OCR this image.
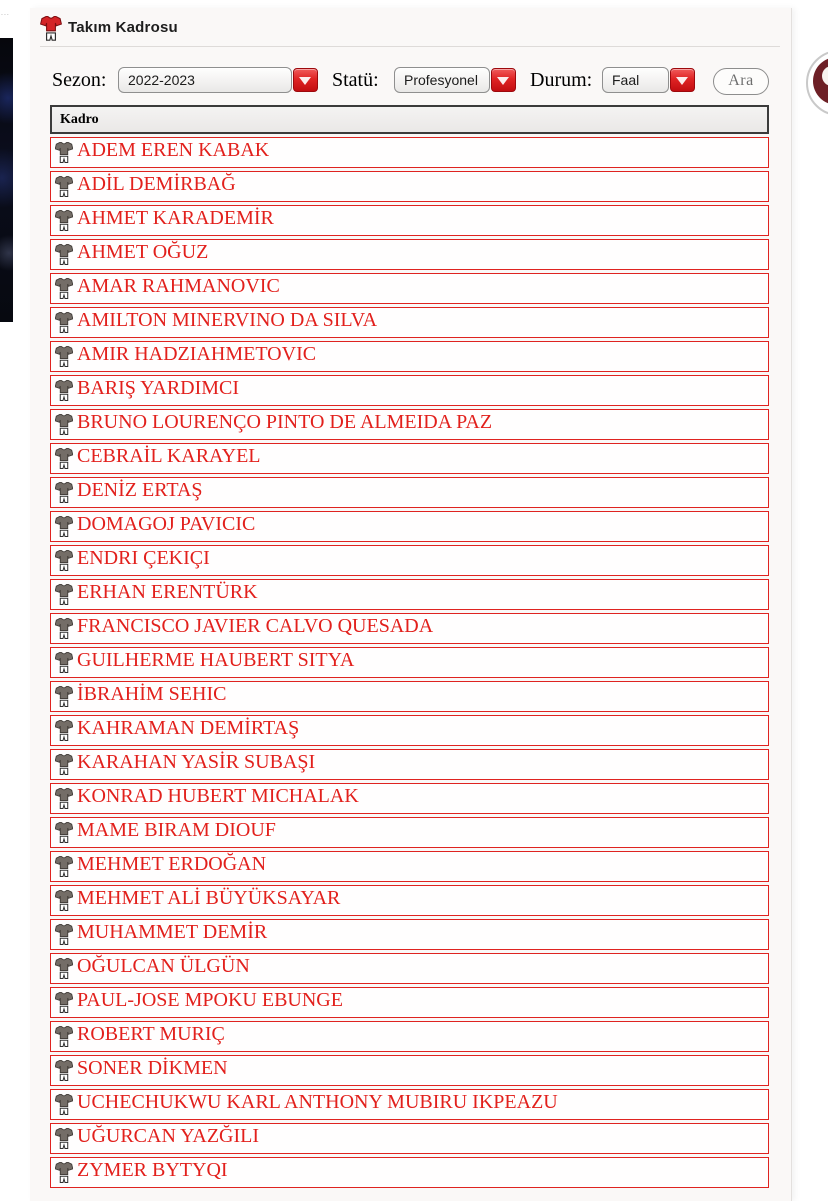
...
Takım Kadrosu
Sezon:	2022-2023	Statü:	Profesyonel	Durum:	Faal	Ara
Kadro
ADEM EREN KABAK
ADİL DEMİRBAĞ
AHMET KARADEMİR
AHMET OĞUZ
AMAR RAHMANOVIC
AMILTON MINERVINO DA SILVA
AMIR HADZIAHMETOVIC
BARIŞ YARDIMCI
BRUNO LOURENÇO PINTO DE ALMEIDA PAZ
CEBRAİL KARAYEL
DENİZ ERTAŞ
DOMAGOJ PAVICIC
ENDRI ÇEKIÇI
ERHAN ERENTÜRK
FRANCISCO JAVIER CALVO QUESADA
GUILHERME HAUBERT SITYA
İBRAHİM SEHIC
KAHRAMAN DEMİRTAŞ
KARAHAN YASİR SUBAŞI
KONRAD HUBERT MICHALAK
MAME BIRAM DIOUF
MEHMET ERDOĞAN
MEHMET ALİ BÜYÜKSAYAR
MUHAMMET DEMİR
OĞULCAN ÜLGÜN
PAUL-JOSE MPOKU EBUNGE
ROBERT MURIÇ
SONER DİKMEN
UCHECHUKWU KARL ANTHONY MUBIRU IKPEAZU
UĞURCAN YAZĞILI
ZYMER BYTYQI
